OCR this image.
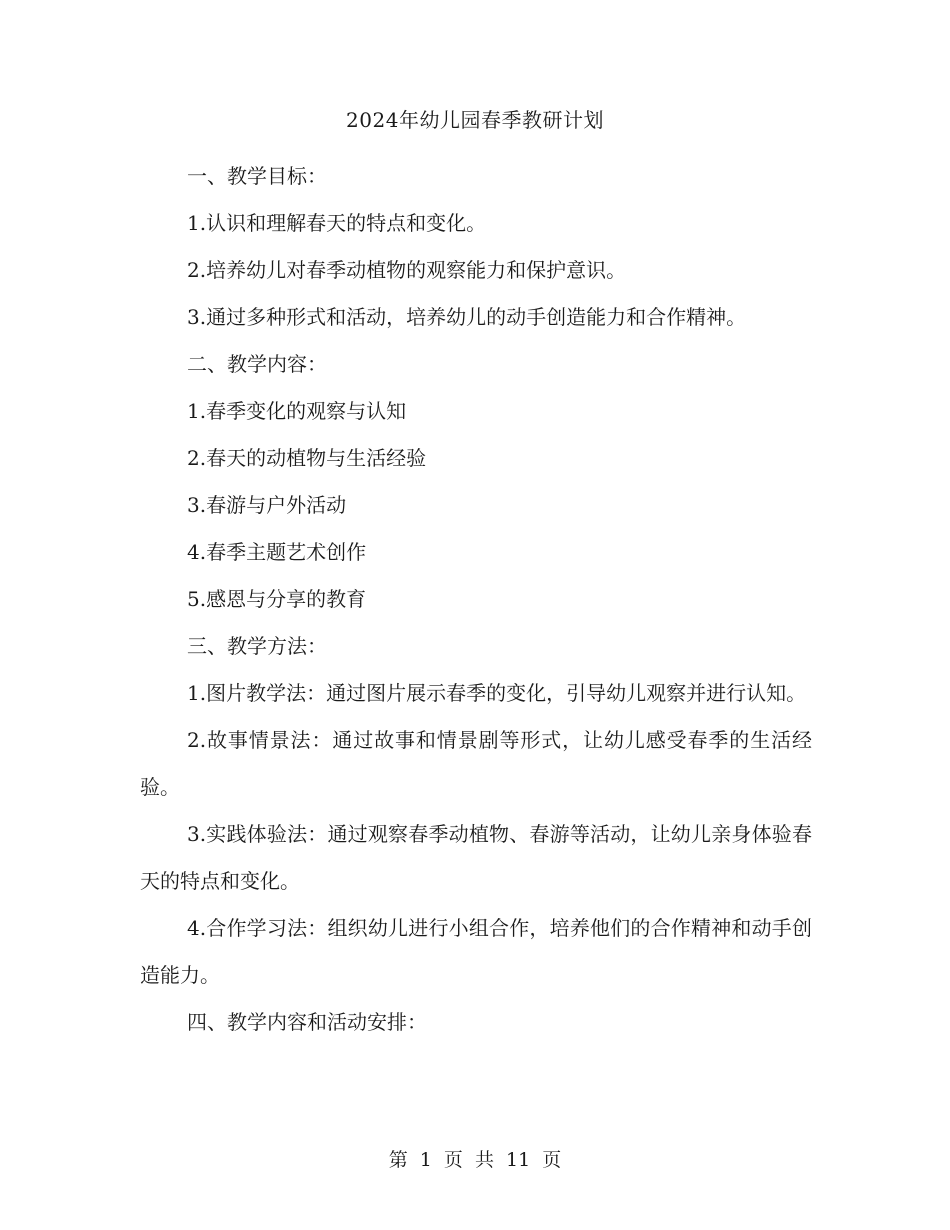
2024年幼儿园春季教研计划

一、教学目标：

1.认识和理解春天的特点和变化。

2.培养幼儿对春季动植物的观察能力和保护意识。

3.通过多种形式和活动，培养幼儿的动手创造能力和合作精神。

二、教学内容：

1.春季变化的观察与认知

2.春天的动植物与生活经验

3.春游与户外活动

4.春季主题艺术创作

5.感恩与分享的教育

三、教学方法：

1.图片教学法：通过图片展示春季的变化，引导幼儿观察并进行认知。

2.故事情景法：通过故事和情景剧等形式，让幼儿感受春季的生活经验。

3.实践体验法：通过观察春季动植物、春游等活动，让幼儿亲身体验春天的特点和变化。

4.合作学习法：组织幼儿进行小组合作，培养他们的合作精神和动手创造能力。

四、教学内容和活动安排：

第 1 页 共 11 页
